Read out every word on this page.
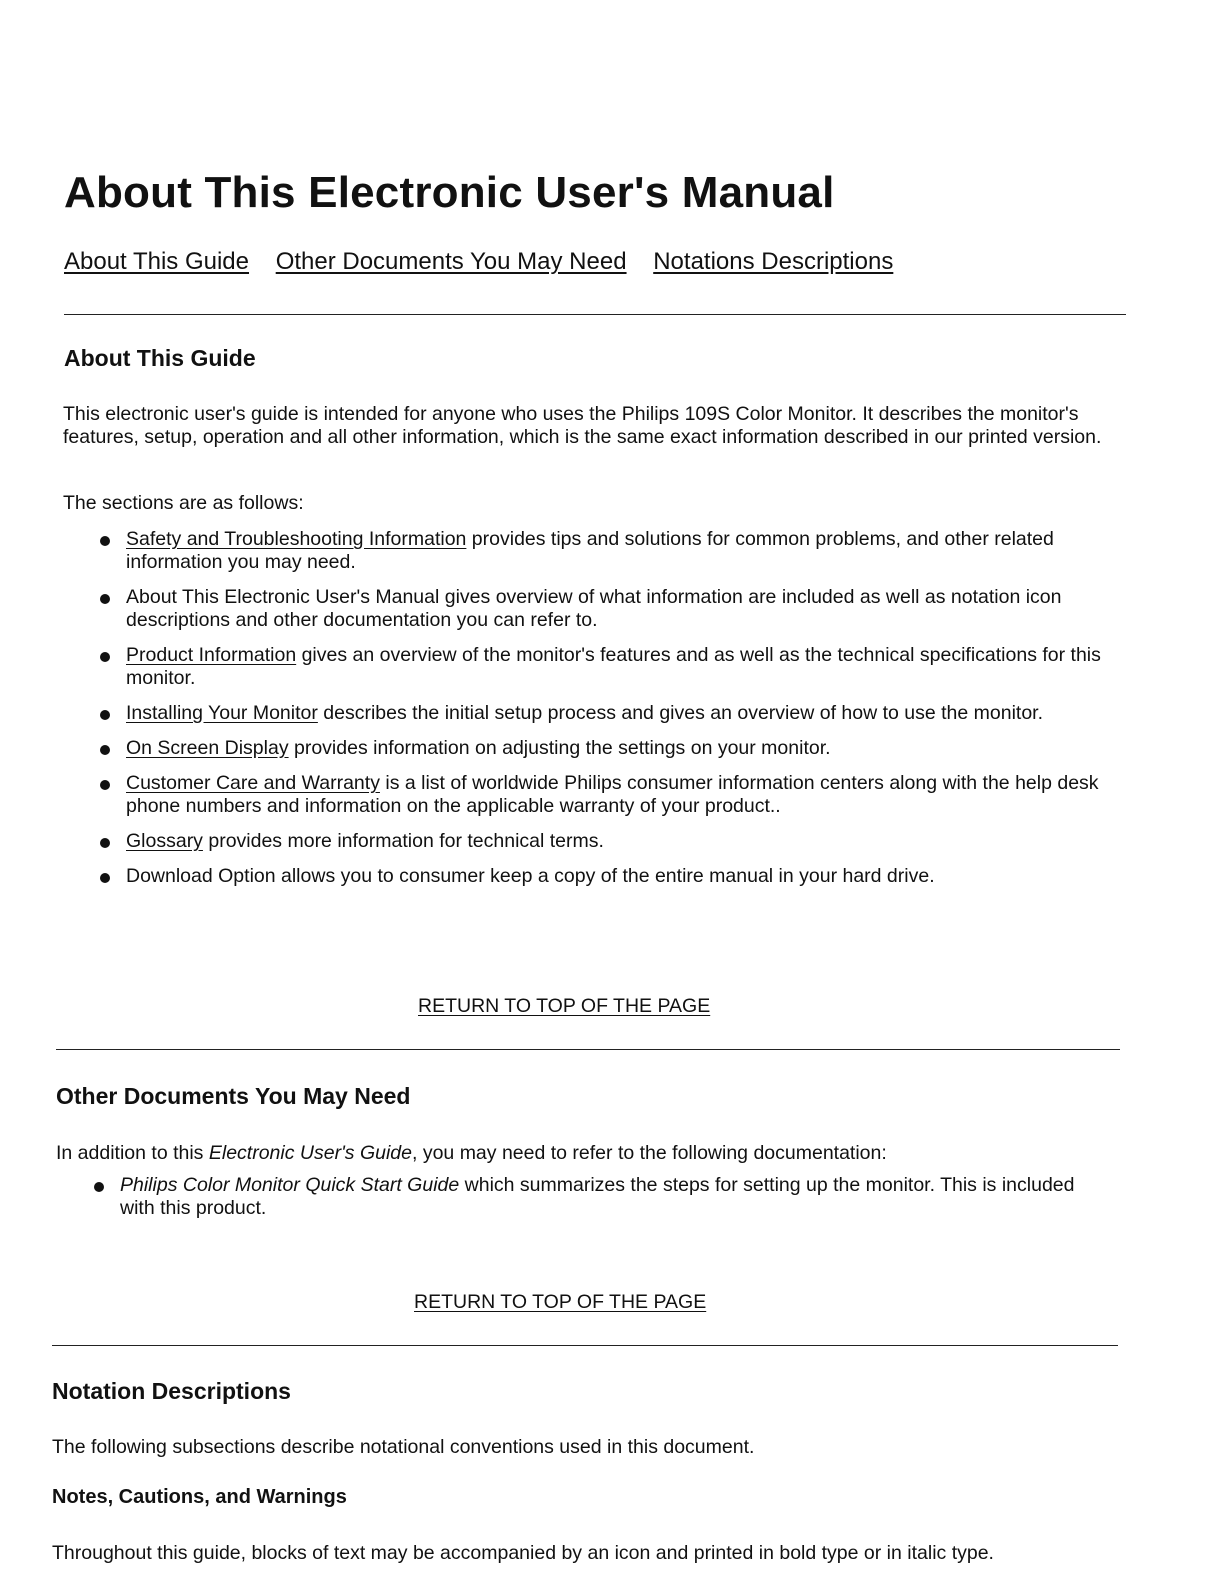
About This Electronic User's Manual
About This Guide Other Documents You May Need Notations Descriptions
About This Guide

This electronic user's guide is intended for anyone who uses the Philips 109S Color Monitor. It describes the monitor's features, setup, operation and all other information, which is the same exact information described in our printed version.

The sections are as follows:

Safety and Troubleshooting Information provides tips and solutions for common problems, and other related information you may need.
About This Electronic User's Manual gives overview of what information are included as well as notation icon descriptions and other documentation you can refer to.
Product Information gives an overview of the monitor's features and as well as the technical specifications for this monitor.
Installing Your Monitor describes the initial setup process and gives an overview of how to use the monitor.
On Screen Display provides information on adjusting the settings on your monitor.
Customer Care and Warranty is a list of worldwide Philips consumer information centers along with the help desk phone numbers and information on the applicable warranty of your product..
Glossary provides more information for technical terms.
Download Option allows you to consumer keep a copy of the entire manual in your hard drive.
RETURN TO TOP OF THE PAGE
Other Documents You May Need

In addition to this Electronic User's Guide, you may need to refer to the following documentation:

Philips Color Monitor Quick Start Guide which summarizes the steps for setting up the monitor. This is included with this product.
RETURN TO TOP OF THE PAGE
Notation Descriptions

The following subsections describe notational conventions used in this document.

Notes, Cautions, and Warnings

Throughout this guide, blocks of text may be accompanied by an icon and printed in bold type or in italic type.
